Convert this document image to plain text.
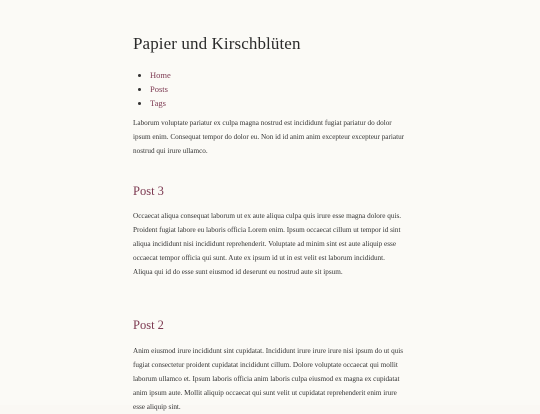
Papier und Kirschblüten
• Home
• Posts
• Tags

Laborum voluptate pariatur ex culpa magna nostrud est incididunt fugiat pariatur do dolor ipsum enim. Consequat tempor do dolor eu. Non id id anim anim excepteur excepteur pariatur nostrud qui irure ullamco.

Post 3

Occaecat aliqua consequat laborum ut ex aute aliqua culpa quis irure esse magna dolore quis. Proident fugiat labore eu laboris officia Lorem enim. Ipsum occaecat cillum ut tempor id sint aliqua incididunt nisi incididunt reprehenderit. Voluptate ad minim sint est aute aliquip esse occaecat tempor officia qui sunt. Aute ex ipsum id ut in est velit est laborum incididunt. Aliqua qui id do esse sunt eiusmod id deserunt eu nostrud aute sit ipsum.

Post 2

Anim eiusmod irure incididunt sint cupidatat. Incididunt irure irure irure nisi ipsum do ut quis fugiat consectetur proident cupidatat incididunt cillum. Dolore voluptate occaecat qui mollit laborum ullamco et. Ipsum laboris officia anim laboris culpa eiusmod ex magna ex cupidatat anim ipsum aute. Mollit aliquip occaecat qui sunt velit ut cupidatat reprehenderit enim irure esse aliquip sint.
